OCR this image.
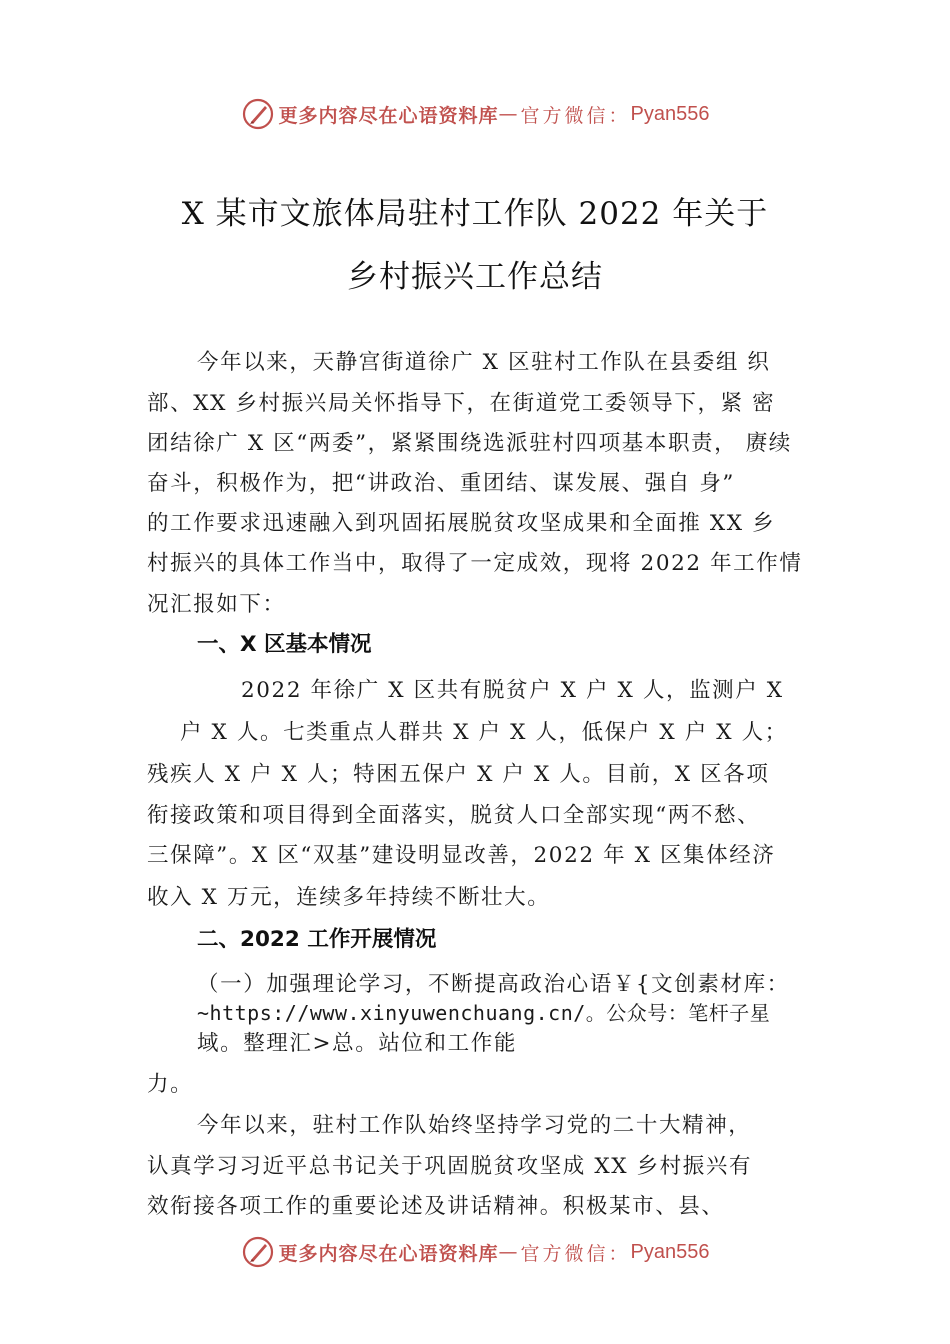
更多内容尽在心语资料库 — 官方微信： Pyan556
X 某市文旅体局驻村工作队 2022 年关于
乡村振兴工作总结
今年以来，天静宫街道徐广 X 区驻村工作队在县委组 织
部、XX 乡村振兴局关怀指导下，在街道党工委领导下，紧 密
团结徐广 X 区“两委”，紧紧围绕选派驻村四项基本职责， 赓续
奋斗，积极作为，把“讲政治、重团结、谋发展、强自 身”
的工作要求迅速融入到巩固拓展脱贫攻坚成果和全面推 XX 乡
村振兴的具体工作当中，取得了一定成效，现将 2022 年工作情
况汇报如下：
一、X 区基本情况
2022 年徐广 X 区共有脱贫户 X 户 X 人，监测户 X
户 X 人。七类重点人群共 X 户 X 人，低保户 X 户 X 人；
残疾人 X 户 X 人；特困五保户 X 户 X 人。目前，X 区各项
衔接政策和项目得到全面落实，脱贫人口全部实现“两不愁、
三保障”。X 区“双基”建设明显改善，2022 年 X 区集体经济
收入 X 万元，连续多年持续不断壮大。
二、2022 工作开展情况
（一）加强理论学习，不断提高政治心语￥{文创素材库：
~https://www.xinyuwenchuang.cn/。公众号：笔杆子星
域。整理汇>总。站位和工作能
力。
今年以来，驻村工作队始终坚持学习党的二十大精神，
认真学习习近平总书记关于巩固脱贫攻坚成 XX 乡村振兴有
效衔接各项工作的重要论述及讲话精神。积极某市、县、
更多内容尽在心语资料库 — 官方微信： Pyan556
